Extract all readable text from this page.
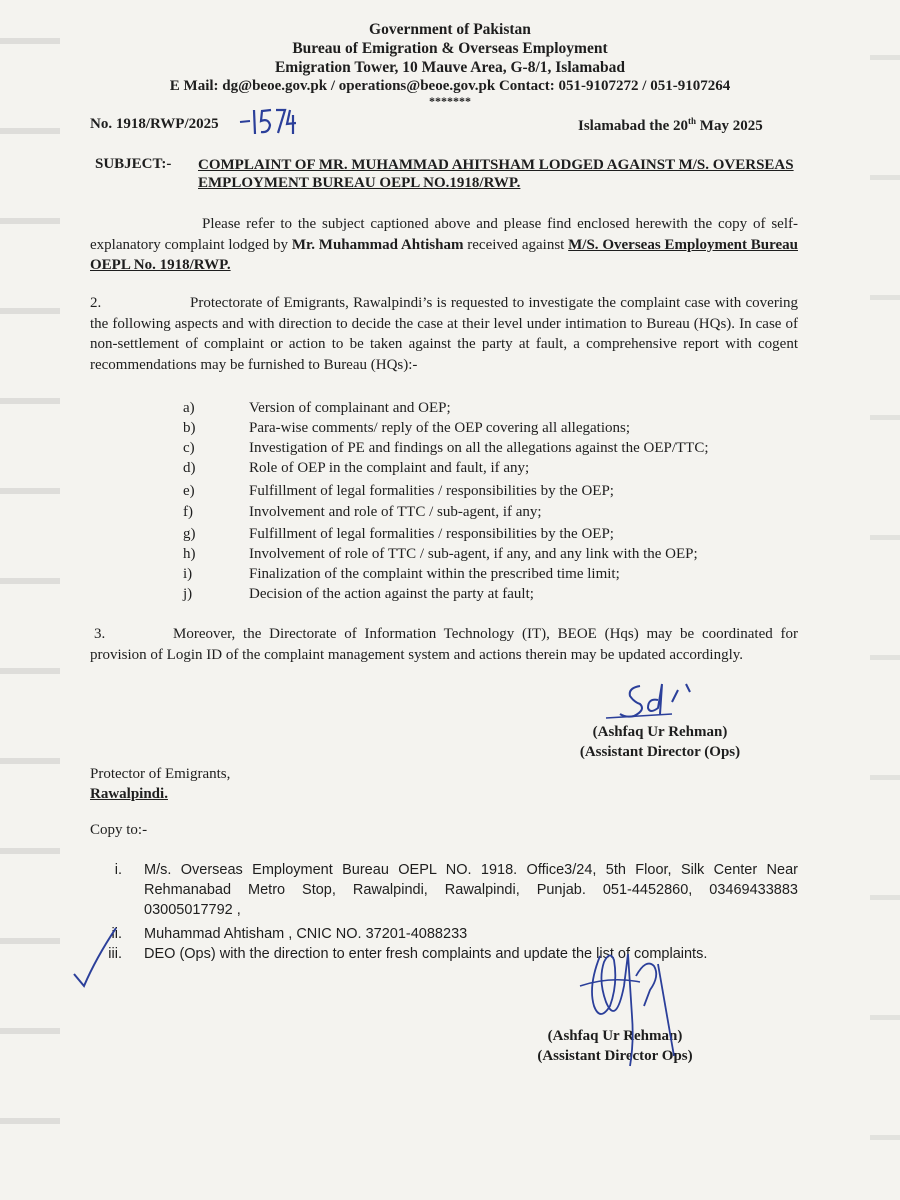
Government of Pakistan
Bureau of Emigration & Overseas Employment
Emigration Tower, 10 Mauve Area, G-8/1, Islamabad
E Mail: dg@beoe.gov.pk / operations@beoe.gov.pk Contact: 051-9107272 / 051-9107264
*******
No. 1918/RWP/2025	Islamabad the 20th May 2025
SUBJECT:- COMPLAINT OF MR. MUHAMMAD AHITSHAM LODGED AGAINST M/S. OVERSEAS EMPLOYMENT BUREAU OEPL NO.1918/RWP.
Please refer to the subject captioned above and please find enclosed herewith the copy of self-explanatory complaint lodged by Mr. Muhammad Ahtisham received against M/S. Overseas Employment Bureau OEPL No. 1918/RWP.
2.	Protectorate of Emigrants, Rawalpindi’s is requested to investigate the complaint case with covering the following aspects and with direction to decide the case at their level under intimation to Bureau (HQs). In case of non-settlement of complaint or action to be taken against the party at fault, a comprehensive report with cogent recommendations may be furnished to Bureau (HQs):-
a)	Version of complainant and OEP;
b)	Para-wise comments/ reply of the OEP covering all allegations;
c)	Investigation of PE and findings on all the allegations against the OEP/TTC;
d)	Role of OEP in the complaint and fault, if any;
e)	Fulfillment of legal formalities / responsibilities by the OEP;
f)	Involvement and role of TTC / sub-agent, if any;
g)	Fulfillment of legal formalities / responsibilities by the OEP;
h)	Involvement of role of TTC / sub-agent, if any, and any link with the OEP;
i)	Finalization of the complaint within the prescribed time limit;
j)	Decision of the action against the party at fault;
3.	Moreover, the Directorate of Information Technology (IT), BEOE (Hqs) may be coordinated for provision of Login ID of the complaint management system and actions therein may be updated accordingly.
sd/-
(Ashfaq Ur Rehman)
(Assistant Director (Ops)
Protector of Emigrants,
Rawalpindi.
Copy to:-
i. M/s. Overseas Employment Bureau OEPL NO. 1918. Office3/24, 5th Floor, Silk Center Near Rehmanabad Metro Stop, Rawalpindi, Rawalpindi, Punjab. 051-4452860, 03469433883 03005017792 ,
ii. Muhammad Ahtisham , CNIC NO. 37201-4088233
iii. DEO (Ops) with the direction to enter fresh complaints and update the list of complaints.
(Ashfaq Ur Rehman)
(Assistant Director Ops)
